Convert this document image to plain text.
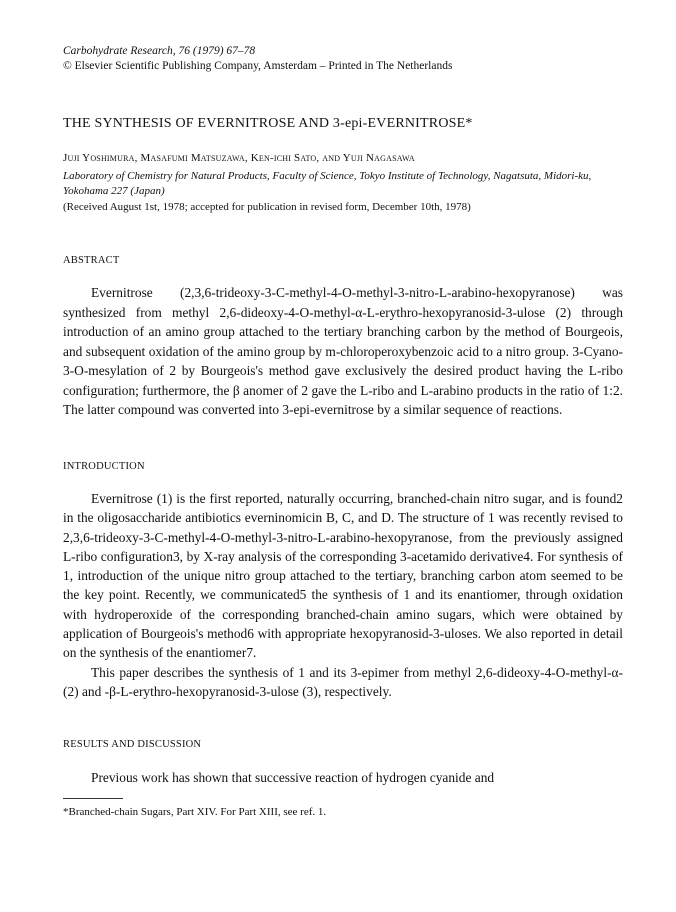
Carbohydrate Research, 76 (1979) 67–78
© Elsevier Scientific Publishing Company, Amsterdam – Printed in The Netherlands
THE SYNTHESIS OF EVERNITROSE AND 3-epi-EVERNITROSE*
Juji Yoshimura, Masafumi Matsuzawa, Ken-ichi Sato, and Yuji Nagasawa
Laboratory of Chemistry for Natural Products, Faculty of Science, Tokyo Institute of Technology, Nagatsuta, Midori-ku, Yokohama 227 (Japan)
(Received August 1st, 1978; accepted for publication in revised form, December 10th, 1978)
ABSTRACT

Evernitrose (2,3,6-trideoxy-3-C-methyl-4-O-methyl-3-nitro-L-arabino-hexopyranose) was synthesized from methyl 2,6-dideoxy-4-O-methyl-α-L-erythro-hexopyranosid-3-ulose (2) through introduction of an amino group attached to the tertiary branching carbon by the method of Bourgeois, and subsequent oxidation of the amino group by m-chloroperoxybenzoic acid to a nitro group. 3-Cyano-3-O-mesylation of 2 by Bourgeois's method gave exclusively the desired product having the L-ribo configuration; furthermore, the β anomer of 2 gave the L-ribo and L-arabino products in the ratio of 1:2. The latter compound was converted into 3-epi-evernitrose by a similar sequence of reactions.

INTRODUCTION

Evernitrose (1) is the first reported, naturally occurring, branched-chain nitro sugar, and is found2 in the oligosaccharide antibiotics everninomicin B, C, and D. The structure of 1 was recently revised to 2,3,6-trideoxy-3-C-methyl-4-O-methyl-3-nitro-L-arabino-hexopyranose, from the previously assigned L-ribo configuration3, by X-ray analysis of the corresponding 3-acetamido derivative4. For synthesis of 1, introduction of the unique nitro group attached to the tertiary, branching carbon atom seemed to be the key point. Recently, we communicated5 the synthesis of 1 and its enantiomer, through oxidation with hydroperoxide of the corresponding branched-chain amino sugars, which were obtained by application of Bourgeois's method6 with appropriate hexopyranosid-3-uloses. We also reported in detail on the synthesis of the enantiomer7.

This paper describes the synthesis of 1 and its 3-epimer from methyl 2,6-dideoxy-4-O-methyl-α- (2) and -β-L-erythro-hexopyranosid-3-ulose (3), respectively.

RESULTS AND DISCUSSION

Previous work has shown that successive reaction of hydrogen cyanide and

*Branched-chain Sugars, Part XIV. For Part XIII, see ref. 1.
